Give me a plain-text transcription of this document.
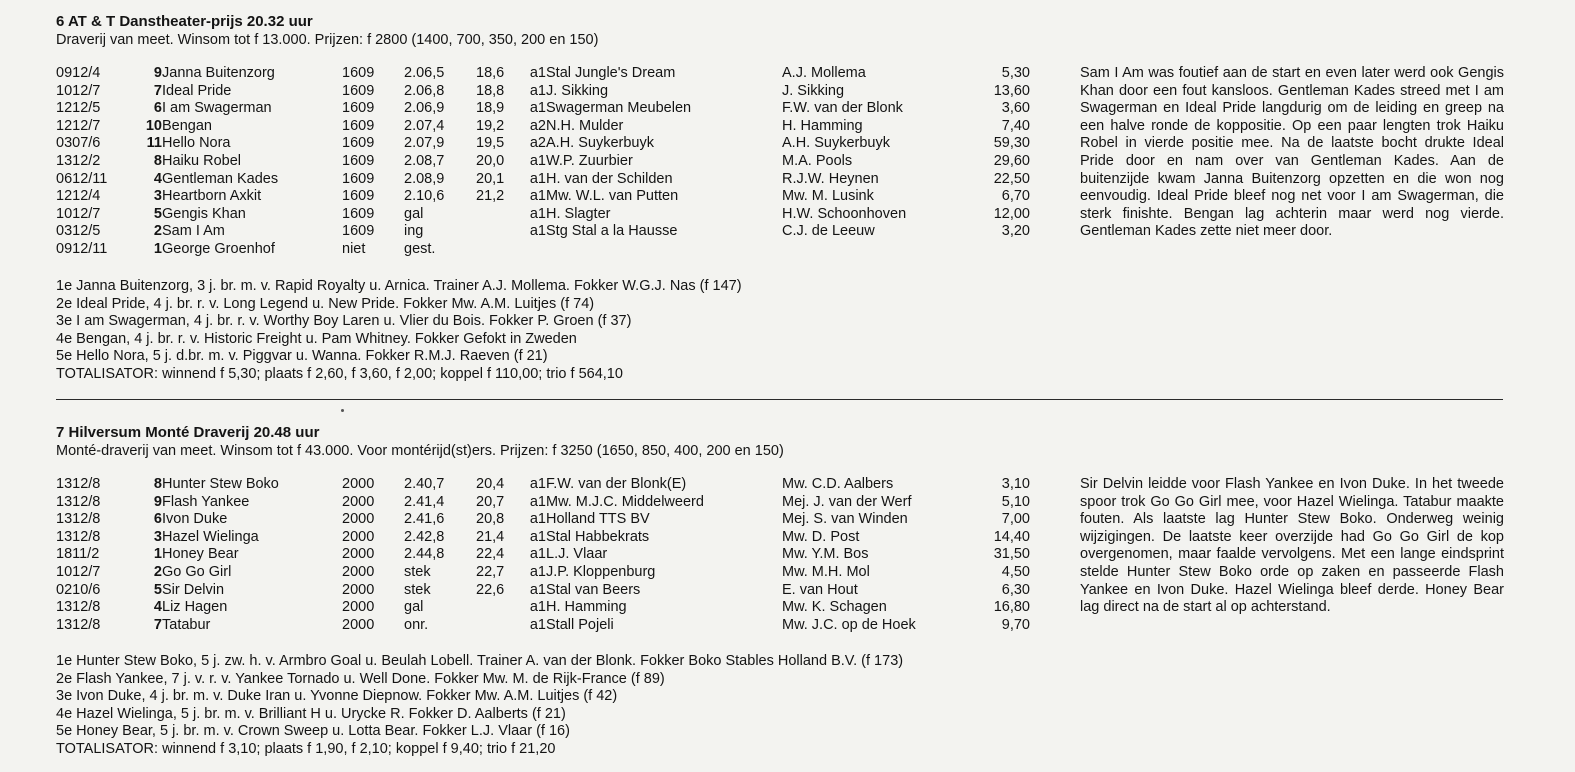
6 AT & T Danstheater-prijs 20.32 uur

Draverij van meet. Winsom tot f 13.000. Prijzen: f 2800 (1400, 700, 350, 200 en 150)

0912/4	9	Janna Buitenzorg	1609	2.06,5	18,6	a1	Stal Jungle's Dream	A.J. Mollema	5,30
1012/7	7	Ideal Pride	1609	2.06,8	18,8	a1	J. Sikking	J. Sikking	13,60
1212/5	6	I am Swagerman	1609	2.06,9	18,9	a1	Swagerman Meubelen	F.W. van der Blonk	3,60
1212/7	10	Bengan	1609	2.07,4	19,2	a2	N.H. Mulder	H. Hamming	7,40
0307/6	11	Hello Nora	1609	2.07,9	19,5	a2	A.H. Suykerbuyk	A.H. Suykerbuyk	59,30
1312/2	8	Haiku Robel	1609	2.08,7	20,0	a1	W.P. Zuurbier	M.A. Pools	29,60
0612/11	4	Gentleman Kades	1609	2.08,9	20,1	a1	H. van der Schilden	R.J.W. Heynen	22,50
1212/4	3	Heartborn Axkit	1609	2.10,6	21,2	a1	Mw. W.L. van Putten	Mw. M. Lusink	6,70
1012/7	5	Gengis Khan	1609	gal		a1	H. Slagter	H.W. Schoonhoven	12,00
0312/5	2	Sam I Am	1609	ing		a1	Stg Stal a la Hausse	C.J. de Leeuw	3,20
0912/11	1	George Groenhof	niet	gest.					
Sam I Am was foutief aan de start en even later werd ook Gengis Khan door een fout kansloos. Gentleman Kades streed met I am Swagerman en Ideal Pride langdurig om de leiding en greep na een halve ronde de koppositie. Op een paar lengten trok Haiku Robel in vierde positie mee. Na de laatste bocht drukte Ideal Pride door en nam over van Gentleman Kades. Aan de buitenzijde kwam Janna Buitenzorg opzetten en die won nog eenvoudig. Ideal Pride bleef nog net voor I am Swagerman, die sterk finishte. Bengan lag achterin maar werd nog vierde. Gentleman Kades zette niet meer door.
1e Janna Buitenzorg, 3 j. br. m. v. Rapid Royalty u. Arnica. Trainer A.J. Mollema. Fokker W.G.J. Nas (f 147)
2e Ideal Pride, 4 j. br. r. v. Long Legend u. New Pride. Fokker Mw. A.M. Luitjes (f 74)
3e I am Swagerman, 4 j. br. r. v. Worthy Boy Laren u. Vlier du Bois. Fokker P. Groen (f 37)
4e Bengan, 4 j. br. r. v. Historic Freight u. Pam Whitney. Fokker Gefokt in Zweden
5e Hello Nora, 5 j. d.br. m. v. Piggvar u. Wanna. Fokker R.M.J. Raeven (f 21)
TOTALISATOR: winnend f 5,30; plaats f 2,60, f 3,60, f 2,00; koppel f 110,00; trio f 564,10

7 Hilversum Monté Draverij 20.48 uur

Monté-draverij van meet. Winsom tot f 43.000. Voor montérijd(st)ers. Prijzen: f 3250 (1650, 850, 400, 200 en 150)

1312/8	8	Hunter Stew Boko	2000	2.40,7	20,4	a1	F.W. van der Blonk(E)	Mw. C.D. Aalbers	3,10
1312/8	9	Flash Yankee	2000	2.41,4	20,7	a1	Mw. M.J.C. Middelweerd	Mej. J. van der Werf	5,10
1312/8	6	Ivon Duke	2000	2.41,6	20,8	a1	Holland TTS BV	Mej. S. van Winden	7,00
1312/8	3	Hazel Wielinga	2000	2.42,8	21,4	a1	Stal Habbekrats	Mw. D. Post	14,40
1811/2	1	Honey Bear	2000	2.44,8	22,4	a1	L.J. Vlaar	Mw. Y.M. Bos	31,50
1012/7	2	Go Go Girl	2000	stek	22,7	a1	J.P. Kloppenburg	Mw. M.H. Mol	4,50
0210/6	5	Sir Delvin	2000	stek	22,6	a1	Stal van Beers	E. van Hout	6,30
1312/8	4	Liz Hagen	2000	gal		a1	H. Hamming	Mw. K. Schagen	16,80
1312/8	7	Tatabur	2000	onr.		a1	Stall Pojeli	Mw. J.C. op de Hoek	9,70
Sir Delvin leidde voor Flash Yankee en Ivon Duke. In het tweede spoor trok Go Go Girl mee, voor Hazel Wielinga. Tatabur maakte fouten. Als laatste lag Hunter Stew Boko. Onderweg weinig wijzigingen. De laatste keer overzijde had Go Go Girl de kop overgenomen, maar faalde vervolgens. Met een lange eindsprint stelde Hunter Stew Boko orde op zaken en passeerde Flash Yankee en Ivon Duke. Hazel Wielinga bleef derde. Honey Bear lag direct na de start al op achterstand.
1e Hunter Stew Boko, 5 j. zw. h. v. Armbro Goal u. Beulah Lobell. Trainer A. van der Blonk. Fokker Boko Stables Holland B.V. (f 173)
2e Flash Yankee, 7 j. v. r. v. Yankee Tornado u. Well Done. Fokker Mw. M. de Rijk-France (f 89)
3e Ivon Duke, 4 j. br. m. v. Duke Iran u. Yvonne Diepnow. Fokker Mw. A.M. Luitjes (f 42)
4e Hazel Wielinga, 5 j. br. m. v. Brilliant H u. Urycke R. Fokker D. Aalberts (f 21)
5e Honey Bear, 5 j. br. m. v. Crown Sweep u. Lotta Bear. Fokker L.J. Vlaar (f 16)
TOTALISATOR: winnend f 3,10; plaats f 1,90, f 2,10; koppel f 9,40; trio f 21,20
